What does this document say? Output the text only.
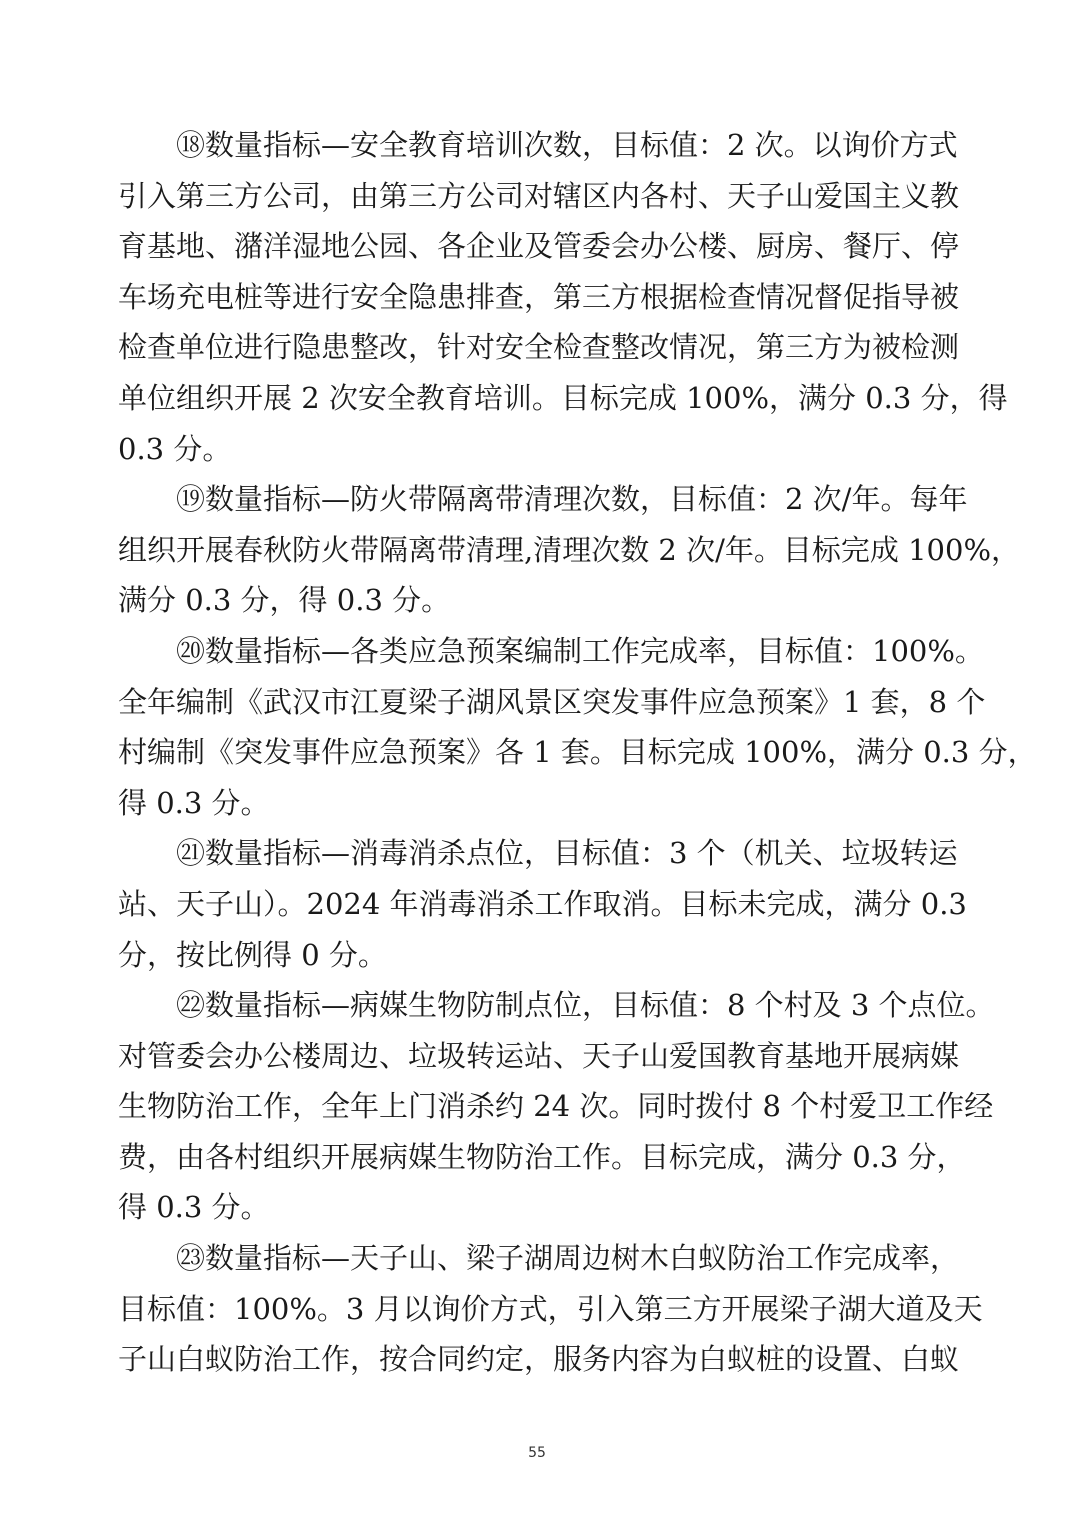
⑱数量指标—安全教育培训次数，目标值：2 次。以询价方式
引入第三方公司，由第三方公司对辖区内各村、天子山爱国主义教
育基地、潴洋湿地公园、各企业及管委会办公楼、厨房、餐厅、停
车场充电桩等进行安全隐患排查，第三方根据检查情况督促指导被
检查单位进行隐患整改，针对安全检查整改情况，第三方为被检测
单位组织开展 2 次安全教育培训。目标完成 100%，满分 0.3 分，得
0.3 分。
⑲数量指标—防火带隔离带清理次数，目标值：2 次/年。每年
组织开展春秋防火带隔离带清理,清理次数 2 次/年。目标完成 100%，
满分 0.3 分，得 0.3 分。
⑳数量指标—各类应急预案编制工作完成率，目标值：100%。
全年编制《武汉市江夏梁子湖风景区突发事件应急预案》1 套，8 个
村编制《突发事件应急预案》各 1 套。目标完成 100%，满分 0.3 分，
得 0.3 分。
㉑数量指标—消毒消杀点位，目标值：3 个（机关、垃圾转运
站、天子山）。2024 年消毒消杀工作取消。目标未完成，满分 0.3
分，按比例得 0 分。
㉒数量指标—病媒生物防制点位，目标值：8 个村及 3 个点位。
对管委会办公楼周边、垃圾转运站、天子山爱国教育基地开展病媒
生物防治工作，全年上门消杀约 24 次。同时拨付 8 个村爱卫工作经
费，由各村组织开展病媒生物防治工作。目标完成，满分 0.3 分，
得 0.3 分。
㉓数量指标—天子山、梁子湖周边树木白蚁防治工作完成率，
目标值：100%。3 月以询价方式，引入第三方开展梁子湖大道及天
子山白蚁防治工作，按合同约定，服务内容为白蚁桩的设置、白蚁
55
